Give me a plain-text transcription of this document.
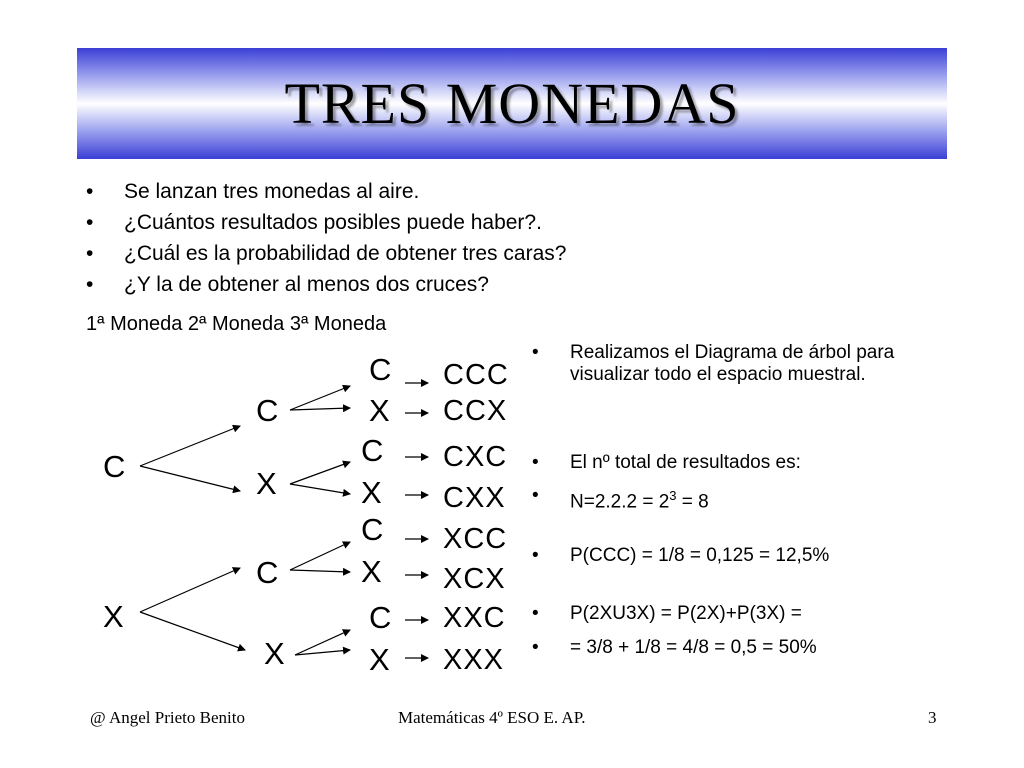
TRES MONEDAS
• Se lanzan tres monedas al aire.
• ¿Cuántos resultados posibles puede haber?.
• ¿Cuál es la probabilidad de obtener tres caras?
• ¿Y la de obtener al menos dos cruces?
1ª Moneda 2ª Moneda 3ª Moneda
C
X
C
X
C
X
C
X
C
X
C
X
C
X
CCC
CCX
CXC
CXX
XCC
XCX
XXC
XXX
• Realizamos el Diagrama de árbol para visualizar todo el espacio muestral.
• El nº total de resultados es:
• $N=2.2.2 = 2^3 = 8$
• P(CCC) = 1/8 = 0,125 = 12,5%
• P(2XU3X) = P(2X)+P(3X) =
• = 3/8 + 1/8 = 4/8 = 0,5 = 50%
@ Angel Prieto Benito	Matemáticas 4º ESO E. AP.	3
